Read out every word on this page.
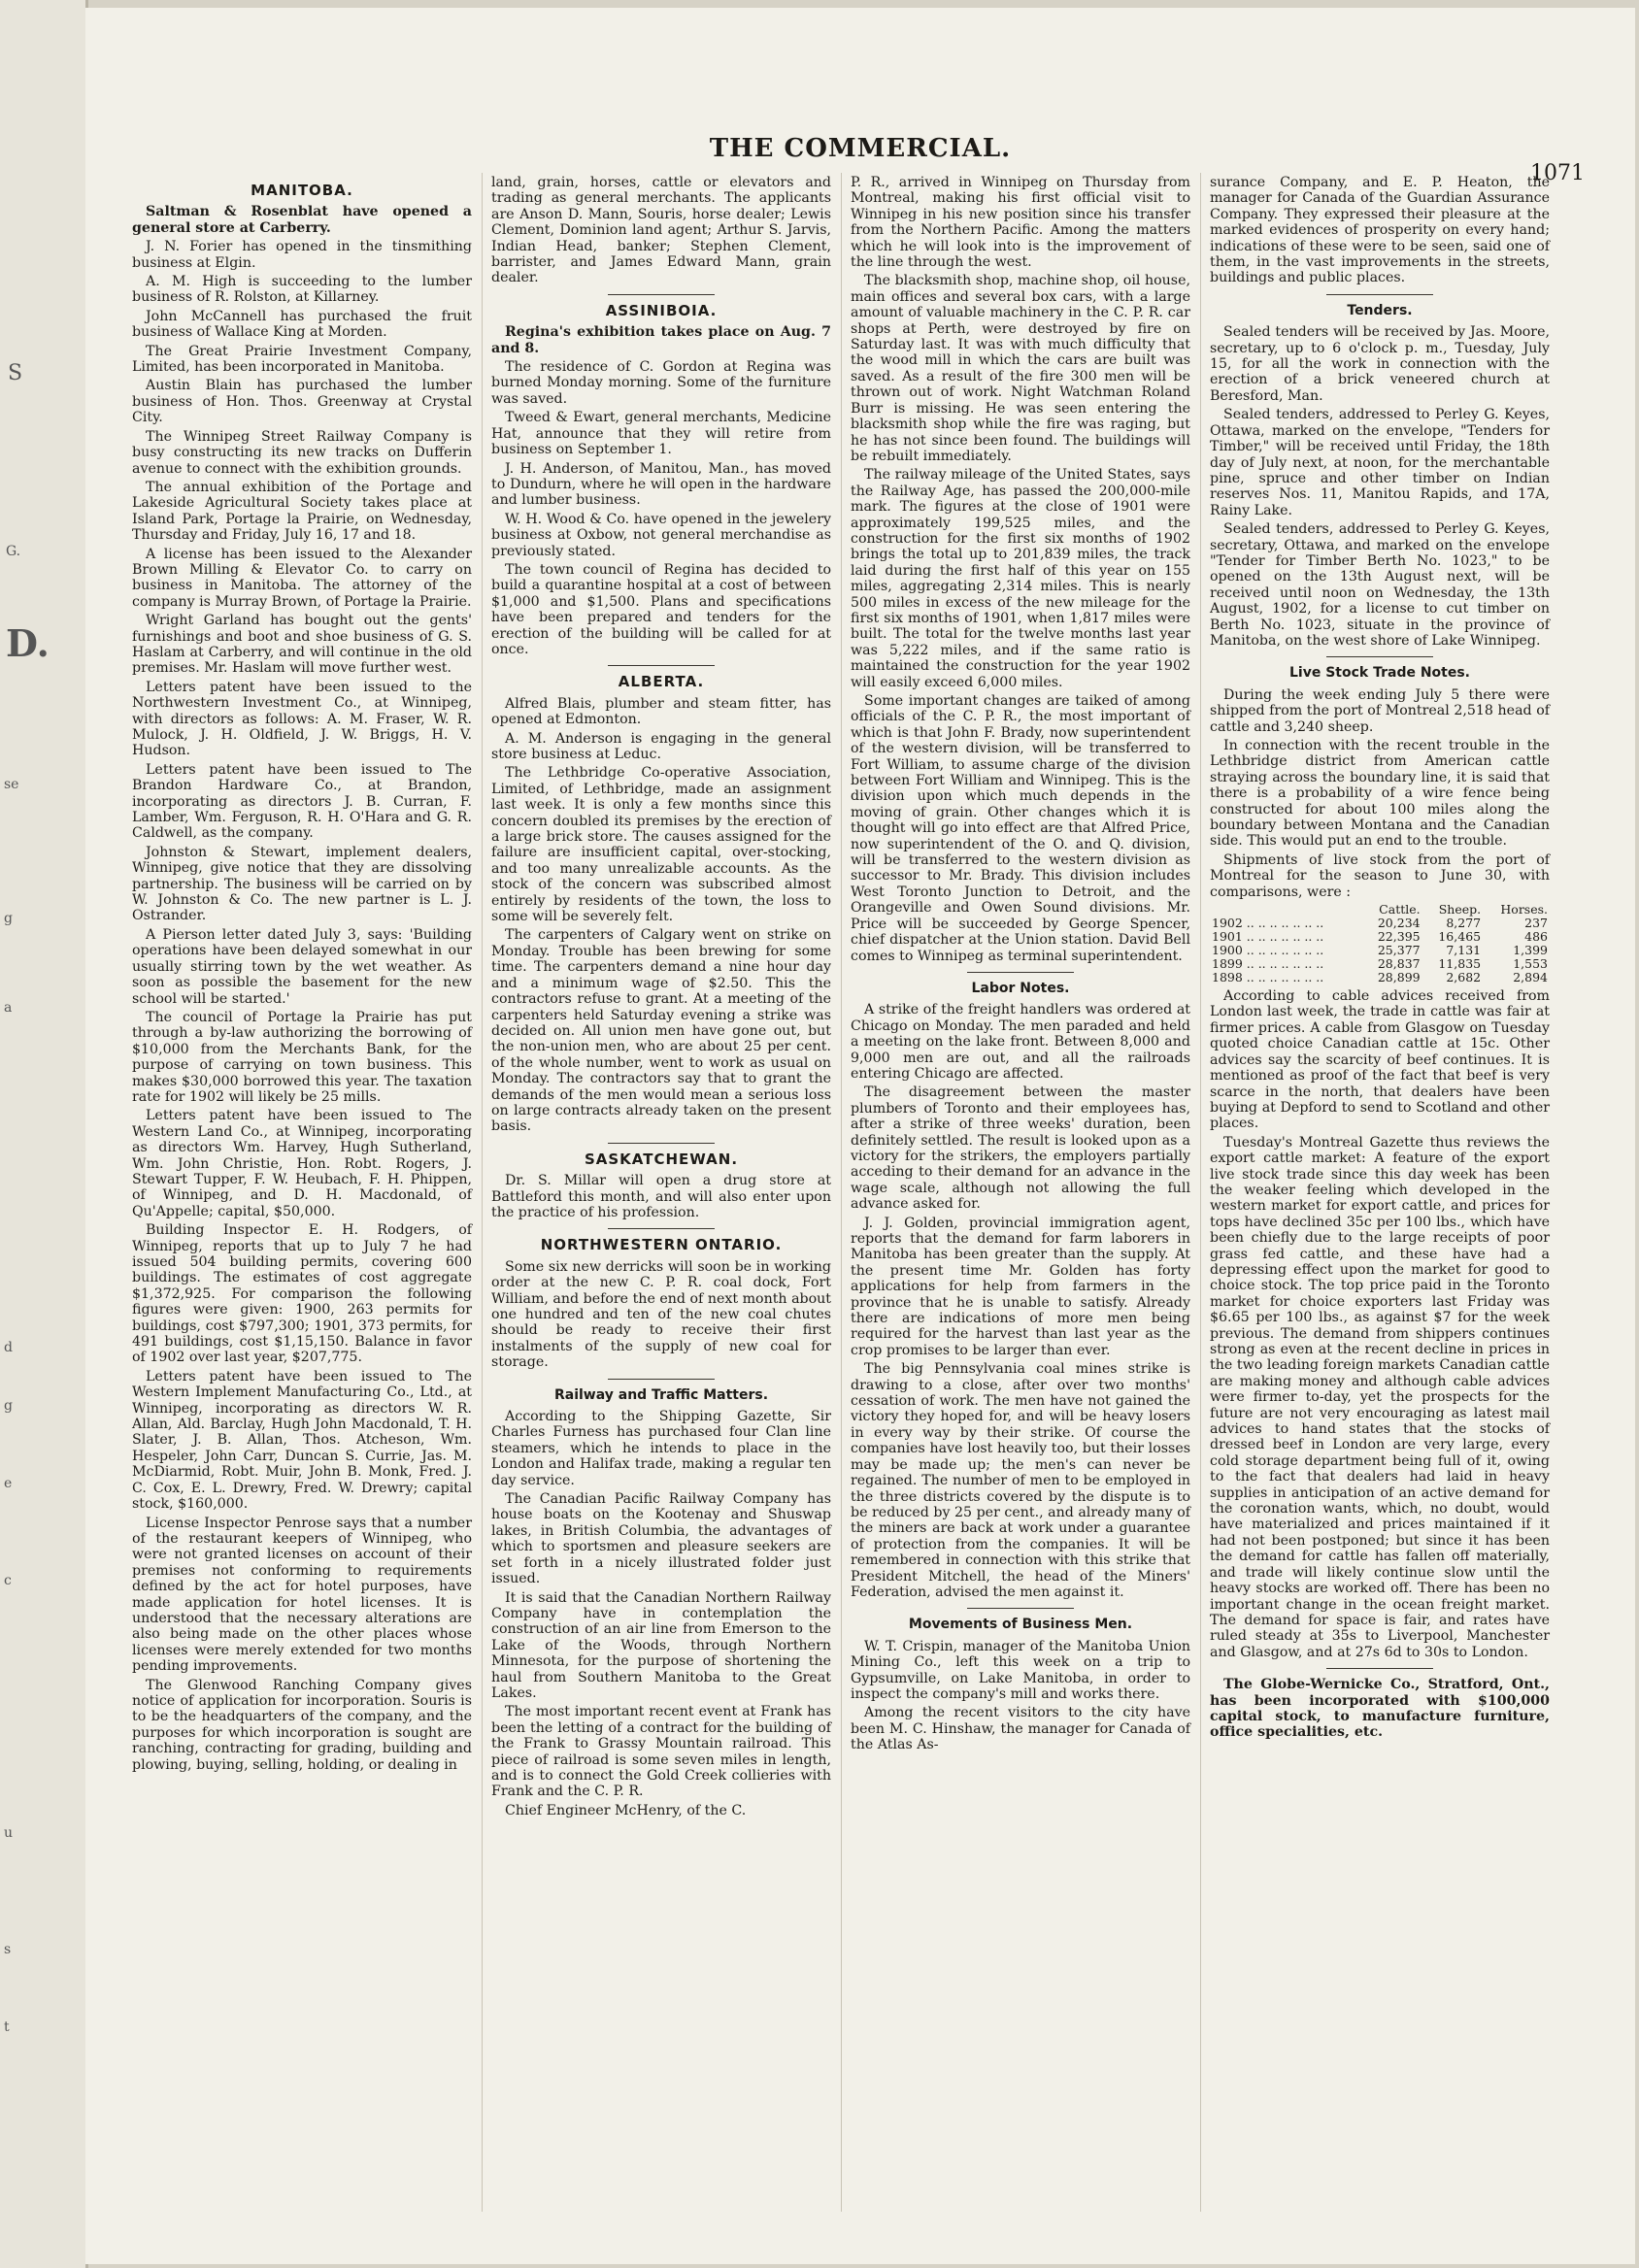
S
G.
D.
se
g
a
d
g
e
c
u
s
t
THE COMMERCIAL.
1071
MANITOBA.

Saltman & Rosenblat have opened a general store at Carberry.

J. N. Forier has opened in the tinsmithing business at Elgin.

A. M. High is succeeding to the lumber business of R. Rolston, at Killarney.

John McCannell has purchased the fruit business of Wallace King at Morden.

The Great Prairie Investment Company, Limited, has been incorporated in Manitoba.

Austin Blain has purchased the lumber business of Hon. Thos. Greenway at Crystal City.

The Winnipeg Street Railway Company is busy constructing its new tracks on Dufferin avenue to connect with the exhibition grounds.

The annual exhibition of the Portage and Lakeside Agricultural Society takes place at Island Park, Portage la Prairie, on Wednesday, Thursday and Friday, July 16, 17 and 18.

A license has been issued to the Alexander Brown Milling & Elevator Co. to carry on business in Manitoba. The attorney of the company is Murray Brown, of Portage la Prairie.

Wright Garland has bought out the gents' furnishings and boot and shoe business of G. S. Haslam at Carberry, and will continue in the old premises. Mr. Haslam will move further west.

Letters patent have been issued to the Northwestern Investment Co., at Winnipeg, with directors as follows: A. M. Fraser, W. R. Mulock, J. H. Oldfield, J. W. Briggs, H. V. Hudson.

Letters patent have been issued to The Brandon Hardware Co., at Brandon, incorporating as directors J. B. Curran, F. Lamber, Wm. Ferguson, R. H. O'Hara and G. R. Caldwell, as the company.

Johnston & Stewart, implement dealers, Winnipeg, give notice that they are dissolving partnership. The business will be carried on by W. Johnston & Co. The new partner is L. J. Ostrander.

A Pierson letter dated July 3, says: 'Building operations have been delayed somewhat in our usually stirring town by the wet weather. As soon as possible the basement for the new school will be started.'

The council of Portage la Prairie has put through a by-law authorizing the borrowing of $10,000 from the Merchants Bank, for the purpose of carrying on town business. This makes $30,000 borrowed this year. The taxation rate for 1902 will likely be 25 mills.

Letters patent have been issued to The Western Land Co., at Winnipeg, incorporating as directors Wm. Harvey, Hugh Sutherland, Wm. John Christie, Hon. Robt. Rogers, J. Stewart Tupper, F. W. Heubach, F. H. Phippen, of Winnipeg, and D. H. Macdonald, of Qu'Appelle; capital, $50,000.

Building Inspector E. H. Rodgers, of Winnipeg, reports that up to July 7 he had issued 504 building permits, covering 600 buildings. The estimates of cost aggregate $1,372,925. For comparison the following figures were given: 1900, 263 permits for buildings, cost $797,300; 1901, 373 permits, for 491 buildings, cost $1,15,150. Balance in favor of 1902 over last year, $207,775.

Letters patent have been issued to The Western Implement Manufacturing Co., Ltd., at Winnipeg, incorporating as directors W. R. Allan, Ald. Barclay, Hugh John Macdonald, T. H. Slater, J. B. Allan, Thos. Atcheson, Wm. Hespeler, John Carr, Duncan S. Currie, Jas. M. McDiarmid, Robt. Muir, John B. Monk, Fred. J. C. Cox, E. L. Drewry, Fred. W. Drewry; capital stock, $160,000.

License Inspector Penrose says that a number of the restaurant keepers of Winnipeg, who were not granted licenses on account of their premises not conforming to requirements defined by the act for hotel purposes, have made application for hotel licenses. It is understood that the necessary alterations are also being made on the other places whose licenses were merely extended for two months pending improvements.

The Glenwood Ranching Company gives notice of application for incorporation. Souris is to be the headquarters of the company, and the purposes for which incorporation is sought are ranching, contracting for grading, building and plowing, buying, selling, holding, or dealing in

land, grain, horses, cattle or elevators and trading as general merchants. The applicants are Anson D. Mann, Souris, horse dealer; Lewis Clement, Dominion land agent; Arthur S. Jarvis, Indian Head, banker; Stephen Clement, barrister, and James Edward Mann, grain dealer.

ASSINIBOIA.

Regina's exhibition takes place on Aug. 7 and 8.

The residence of C. Gordon at Regina was burned Monday morning. Some of the furniture was saved.

Tweed & Ewart, general merchants, Medicine Hat, announce that they will retire from business on September 1.

J. H. Anderson, of Manitou, Man., has moved to Dundurn, where he will open in the hardware and lumber business.

W. H. Wood & Co. have opened in the jewelery business at Oxbow, not general merchandise as previously stated.

The town council of Regina has decided to build a quarantine hospital at a cost of between $1,000 and $1,500. Plans and specifications have been prepared and tenders for the erection of the building will be called for at once.

ALBERTA.

Alfred Blais, plumber and steam fitter, has opened at Edmonton.

A. M. Anderson is engaging in the general store business at Leduc.

The Lethbridge Co-operative Association, Limited, of Lethbridge, made an assignment last week. It is only a few months since this concern doubled its premises by the erection of a large brick store. The causes assigned for the failure are insufficient capital, over-stocking, and too many unrealizable accounts. As the stock of the concern was subscribed almost entirely by residents of the town, the loss to some will be severely felt.

The carpenters of Calgary went on strike on Monday. Trouble has been brewing for some time. The carpenters demand a nine hour day and a minimum wage of $2.50. This the contractors refuse to grant. At a meeting of the carpenters held Saturday evening a strike was decided on. All union men have gone out, but the non-union men, who are about 25 per cent. of the whole number, went to work as usual on Monday. The contractors say that to grant the demands of the men would mean a serious loss on large contracts already taken on the present basis.

SASKATCHEWAN.

Dr. S. Millar will open a drug store at Battleford this month, and will also enter upon the practice of his profession.

NORTHWESTERN ONTARIO.

Some six new derricks will soon be in working order at the new C. P. R. coal dock, Fort William, and before the end of next month about one hundred and ten of the new coal chutes should be ready to receive their first instalments of the supply of new coal for storage.

Railway and Traffic Matters.

According to the Shipping Gazette, Sir Charles Furness has purchased four Clan line steamers, which he intends to place in the London and Halifax trade, making a regular ten day service.

The Canadian Pacific Railway Company has house boats on the Kootenay and Shuswap lakes, in British Columbia, the advantages of which to sportsmen and pleasure seekers are set forth in a nicely illustrated folder just issued.

It is said that the Canadian Northern Railway Company have in contemplation the construction of an air line from Emerson to the Lake of the Woods, through Northern Minnesota, for the purpose of shortening the haul from Southern Manitoba to the Great Lakes.

The most important recent event at Frank has been the letting of a contract for the building of the Frank to Grassy Mountain railroad. This piece of railroad is some seven miles in length, and is to connect the Gold Creek collieries with Frank and the C. P. R.

Chief Engineer McHenry, of the C.

P. R., arrived in Winnipeg on Thursday from Montreal, making his first official visit to Winnipeg in his new position since his transfer from the Northern Pacific. Among the matters which he will look into is the improvement of the line through the west.

The blacksmith shop, machine shop, oil house, main offices and several box cars, with a large amount of valuable machinery in the C. P. R. car shops at Perth, were destroyed by fire on Saturday last. It was with much difficulty that the wood mill in which the cars are built was saved. As a result of the fire 300 men will be thrown out of work. Night Watchman Roland Burr is missing. He was seen entering the blacksmith shop while the fire was raging, but he has not since been found. The buildings will be rebuilt immediately.

The railway mileage of the United States, says the Railway Age, has passed the 200,000-mile mark. The figures at the close of 1901 were approximately 199,525 miles, and the construction for the first six months of 1902 brings the total up to 201,839 miles, the track laid during the first half of this year on 155 miles, aggregating 2,314 miles. This is nearly 500 miles in excess of the new mileage for the first six months of 1901, when 1,817 miles were built. The total for the twelve months last year was 5,222 miles, and if the same ratio is maintained the construction for the year 1902 will easily exceed 6,000 miles.

Some important changes are taiked of among officials of the C. P. R., the most important of which is that John F. Brady, now superintendent of the western division, will be transferred to Fort William, to assume charge of the division between Fort William and Winnipeg. This is the division upon which much depends in the moving of grain. Other changes which it is thought will go into effect are that Alfred Price, now superintendent of the O. and Q. division, will be transferred to the western division as successor to Mr. Brady. This division includes West Toronto Junction to Detroit, and the Orangeville and Owen Sound divisions. Mr. Price will be succeeded by George Spencer, chief dispatcher at the Union station. David Bell comes to Winnipeg as terminal superintendent.

Labor Notes.

A strike of the freight handlers was ordered at Chicago on Monday. The men paraded and held a meeting on the lake front. Between 8,000 and 9,000 men are out, and all the railroads entering Chicago are affected.

The disagreement between the master plumbers of Toronto and their employees has, after a strike of three weeks' duration, been definitely settled. The result is looked upon as a victory for the strikers, the employers partially acceding to their demand for an advance in the wage scale, although not allowing the full advance asked for.

J. J. Golden, provincial immigration agent, reports that the demand for farm laborers in Manitoba has been greater than the supply. At the present time Mr. Golden has forty applications for help from farmers in the province that he is unable to satisfy. Already there are indications of more men being required for the harvest than last year as the crop promises to be larger than ever.

The big Pennsylvania coal mines strike is drawing to a close, after over two months' cessation of work. The men have not gained the victory they hoped for, and will be heavy losers in every way by their strike. Of course the companies have lost heavily too, but their losses may be made up; the men's can never be regained. The number of men to be employed in the three districts covered by the dispute is to be reduced by 25 per cent., and already many of the miners are back at work under a guarantee of protection from the companies. It will be remembered in connection with this strike that President Mitchell, the head of the Miners' Federation, advised the men against it.

Movements of Business Men.

W. T. Crispin, manager of the Manitoba Union Mining Co., left this week on a trip to Gypsumville, on Lake Manitoba, in order to inspect the company's mill and works there.

Among the recent visitors to the city have been M. C. Hinshaw, the manager for Canada of the Atlas As-

surance Company, and E. P. Heaton, the manager for Canada of the Guardian Assurance Company. They expressed their pleasure at the marked evidences of prosperity on every hand; indications of these were to be seen, said one of them, in the vast improvements in the streets, buildings and public places.

Tenders.

Sealed tenders will be received by Jas. Moore, secretary, up to 6 o'clock p. m., Tuesday, July 15, for all the work in connection with the erection of a brick veneered church at Beresford, Man.

Sealed tenders, addressed to Perley G. Keyes, Ottawa, marked on the envelope, "Tenders for Timber," will be received until Friday, the 18th day of July next, at noon, for the merchantable pine, spruce and other timber on Indian reserves Nos. 11, Manitou Rapids, and 17A, Rainy Lake.

Sealed tenders, addressed to Perley G. Keyes, secretary, Ottawa, and marked on the envelope "Tender for Timber Berth No. 1023," to be opened on the 13th August next, will be received until noon on Wednesday, the 13th August, 1902, for a license to cut timber on Berth No. 1023, situate in the province of Manitoba, on the west shore of Lake Winnipeg.

Live Stock Trade Notes.

During the week ending July 5 there were shipped from the port of Montreal 2,518 head of cattle and 3,240 sheep.

In connection with the recent trouble in the Lethbridge district from American cattle straying across the boundary line, it is said that there is a probability of a wire fence being constructed for about 100 miles along the boundary between Montana and the Canadian side. This would put an end to the trouble.

Shipments of live stock from the port of Montreal for the season to June 30, with comparisons, were :

	Cattle.	Sheep.	Horses.
1902 .. .. .. .. .. .. ..	20,234	8,277	237
1901 .. .. .. .. .. .. ..	22,395	16,465	486
1900 .. .. .. .. .. .. ..	25,377	7,131	1,399
1899 .. .. .. .. .. .. ..	28,837	11,835	1,553
1898 .. .. .. .. .. .. ..	28,899	2,682	2,894

According to cable advices received from London last week, the trade in cattle was fair at firmer prices. A cable from Glasgow on Tuesday quoted choice Canadian cattle at 15c. Other advices say the scarcity of beef continues. It is mentioned as proof of the fact that beef is very scarce in the north, that dealers have been buying at Depford to send to Scotland and other places.

Tuesday's Montreal Gazette thus reviews the export cattle market: A feature of the export live stock trade since this day week has been the weaker feeling which developed in the western market for export cattle, and prices for tops have declined 35c per 100 lbs., which have been chiefly due to the large receipts of poor grass fed cattle, and these have had a depressing effect upon the market for good to choice stock. The top price paid in the Toronto market for choice exporters last Friday was $6.65 per 100 lbs., as against $7 for the week previous. The demand from shippers continues strong as even at the recent decline in prices in the two leading foreign markets Canadian cattle are making money and although cable advices were firmer to-day, yet the prospects for the future are not very encouraging as latest mail advices to hand states that the stocks of dressed beef in London are very large, every cold storage department being full of it, owing to the fact that dealers had laid in heavy supplies in anticipation of an active demand for the coronation wants, which, no doubt, would have materialized and prices maintained if it had not been postponed; but since it has been the demand for cattle has fallen off materially, and trade will likely continue slow until the heavy stocks are worked off. There has been no important change in the ocean freight market. The demand for space is fair, and rates have ruled steady at 35s to Liverpool, Manchester and Glasgow, and at 27s 6d to 30s to London.

The Globe-Wernicke Co., Stratford, Ont., has been incorporated with $100,000 capital stock, to manufacture furniture, office specialities, etc.
